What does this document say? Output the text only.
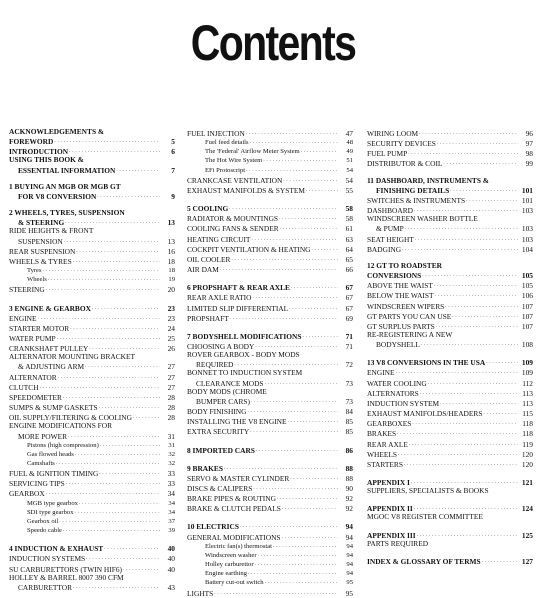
Contents
ACKNOWLEDGEMENTS &
FOREWORD . . .	5
INTRODUCTION . . .	6
USING THIS BOOK &
ESSENTIAL INFORMATION . . .	7
1 BUYING AN MGB OR MGB GT
FOR V8 CONVERSION . . .	9
2 WHEELS, TYRES, SUSPENSION
& STEERING . . .	13
RIDE HEIGHTS & FRONT
SUSPENSION . . .	13
REAR SUSPENSION . . .	16
WHEELS & TYRES . . .	18
Tyres . . .	18
Wheels . . .	19
STEERING . . .	20
3 ENGINE & GEARBOX . . .	23
ENGINE . . .	23
STARTER MOTOR . . .	24
WATER PUMP . . .	25
CRANKSHAFT PULLEY . . .	26
ALTERNATOR MOUNTING BRACKET
& ADJUSTING ARM . . .	27
ALTERNATOR . . .	27
CLUTCH . . .	27
SPEEDOMETER . . .	28
SUMPS & SUMP GASKETS . . .	28
OIL SUPPLY/FILTERING & COOLING . . .	28
ENGINE MODIFICATIONS FOR
MORE POWER . . .	31
Pistons (high compression) . . .	31
Gas flowed heads . . .	32
Camshafts . . .	32
FUEL & IGNITION TIMING . . .	33
SERVICING TIPS . . .	33
GEARBOX . . .	34
MGB type gearbox . . .	34
SDI type gearbox . . .	34
Gearbox oil . . .	37
Speedo cable . . .	39
4 INDUCTION & EXHAUST . . .	40
INDUCTION SYSTEMS . . .	40
SU CARBURETTORS (TWIN HIF6) . . .	40
HOLLEY & BARREL 8007 390 CFM
CARBURETTOR . . .	43
FUEL INJECTION . . .	47
Fuel feed details . . .	48
The 'Federal' Airflow Meter System . . .	49
The Hot Wire System . . .	51
EFi Protoscript . . .	54
CRANKCASE VENTILATION . . .	54
EXHAUST MANIFOLDS & SYSTEM . . .	55
5 COOLING . . .	58
RADIATOR & MOUNTINGS . . .	58
COOLING FANS & SENDER . . .	61
HEATING CIRCUIT . . .	63
COCKPIT VENTILATION & HEATING . . .	64
OIL COOLER . . .	65
AIR DAM . . .	66
6 PROPSHAFT & REAR AXLE . . .	67
REAR AXLE RATIO . . .	67
LIMITED SLIP DIFFERENTIAL . . .	67
PROPSHAFT . . .	69
7 BODYSHELL MODIFICATIONS . . .	71
CHOOSING A BODY . . .	71
ROVER GEARBOX - BODY MODS
REQUIRED . . .	72
BONNET TO INDUCTION SYSTEM
CLEARANCE MODS . . .	73
BODY MODS (CHROME
BUMPER CARS) . . .	73
BODY FINISHING . . .	84
INSTALLING THE V8 ENGINE . . .	85
EXTRA SECURITY . . .	85
8 IMPORTED CARS . . .	86
9 BRAKES . . .	88
SERVO & MASTER CYLINDER . . .	88
DISCS & CALIPERS . . .	90
BRAKE PIPES & ROUTING . . .	92
BRAKE & CLUTCH PEDALS . . .	92
10 ELECTRICS . . .	94
GENERAL MODIFICATIONS . . .	94
Electric fan(s) thermostat . . .	94
Windscreen washer . . .	94
Holley carburettor . . .	94
Engine earthing . . .	94
Battery cut-out switch . . .	95
LIGHTS . . .	95
WIRING LOOM . . .	96
SECURITY DEVICES . . .	97
FUEL PUMP . . .	98
DISTRIBUTOR & COIL . . .	99
11 DASHBOARD, INSTRUMENTS &
FINISHING DETAILS . . .	101
SWITCHES & INSTRUMENTS . . .	101
DASHBOARD . . .	103
WINDSCREEN WASHER BOTTLE
& PUMP . . .	103
SEAT HEIGHT . . .	103
BADGING . . .	104
12 GT TO ROADSTER
CONVERSIONS . . .	105
ABOVE THE WAIST . . .	105
BELOW THE WAIST . . .	106
WINDSCREEN WIPERS . . .	107
GT PARTS YOU CAN USE . . .	107
GT SURPLUS PARTS . . .	107
RE-REGISTERING A NEW
BODYSHELL . . .	108
13 V8 CONVERSIONS IN THE USA . . .	109
ENGINE . . .	109
WATER COOLING . . .	112
ALTERNATORS . . .	113
INDUCTION SYSTEM . . .	113
EXHAUST MANIFOLDS/HEADERS . . .	115
GEARBOXES . . .	118
BRAKES . . .	118
REAR AXLE . . .	119
WHEELS . . .	120
STARTERS . . .	120
APPENDIX I . . .	121
SUPPLIERS, SPECIALISTS & BOOKS
APPENDIX II . . .	124
MGOC V8 REGISTER COMMITTEE
APPENDIX III . . .	125
PARTS REQUIRED
INDEX & GLOSSARY OF TERMS . . .	127
